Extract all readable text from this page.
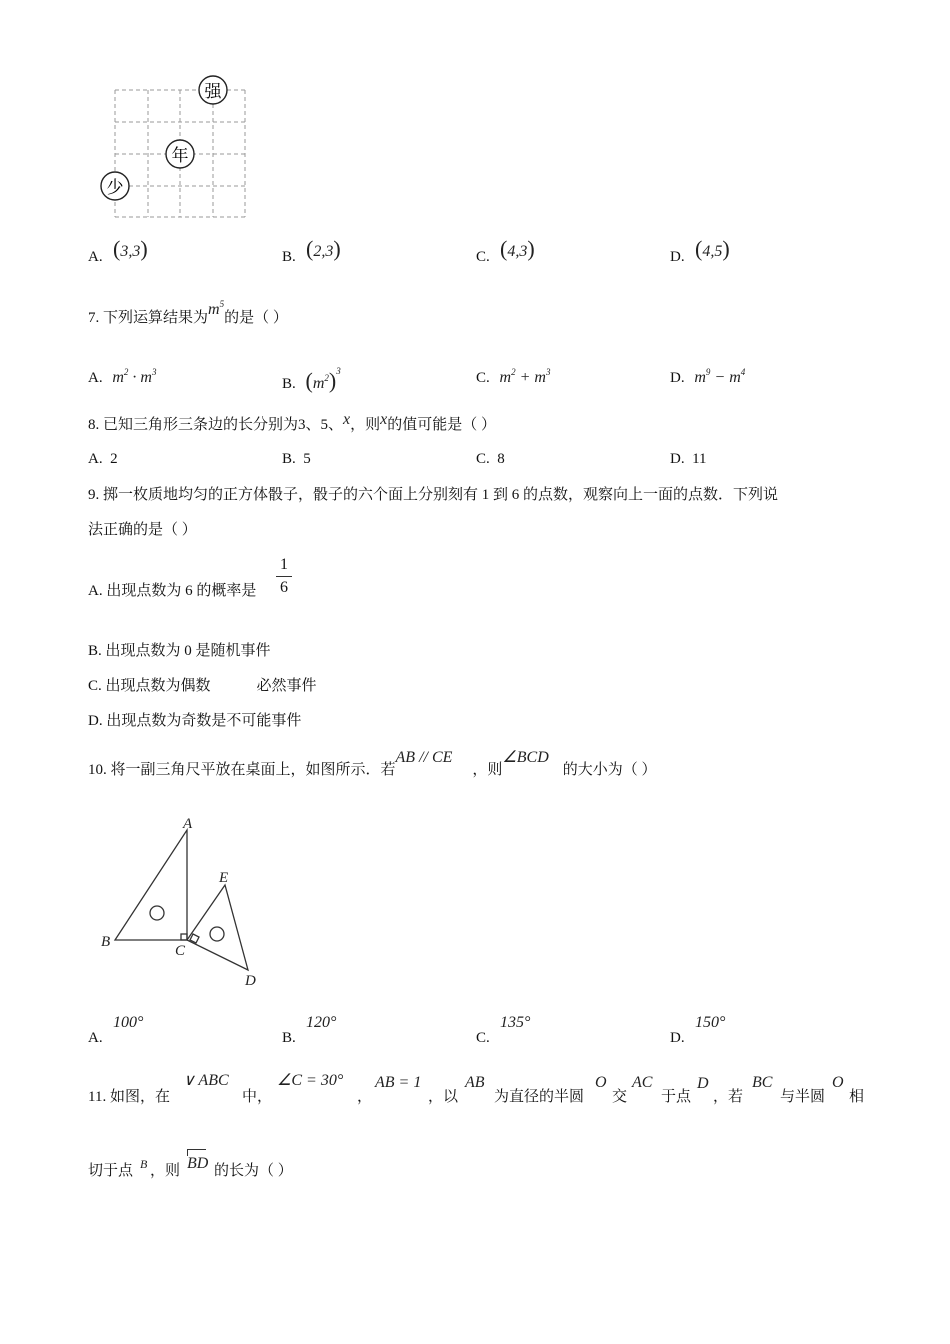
强
年
少
A. (3,3)	B. (2,3)	C. (4,3)	D. (4,5)
7. 下列运算结果为$m^5$的是（ ）
A. $m^2 \cdot m^3$
B. $(m^2)^3$	C. $m^2 + m^3$	D. $m^9 - m^4$
8. 已知三角形三条边的长分别为3、5、x，则x的值可能是（ ）
A. 2	B. 5	C. 8	D. 11
9. 掷一枚质地均匀的正方体骰子，骰子的六个面上分别刻有 1 到 6 的点数，观察向上一面的点数．下列说
法正确的是（ ）
A. 出现点数为 6 的概率是
1
6
B. 出现点数为 0 是随机事件
C. 出现点数为偶数	必然事件
D. 出现点数为奇数是不可能事件
10. 将一副三角尺平放在桌面上，如图所示．若AB // CE，则∠BCD的大小为（ ）
A
B
C
D
E
A.
100°
B.
120°
C.
135°
D.
150°
11. 如图，在
∨ ABC
中，
∠C = 30°
，
AB = 1
，以
AB
为直径的半圆
O
交
AC
于点
D
，若
BC
与半圆
O
相
切于点 B ，则 BD 的长为（ ）
